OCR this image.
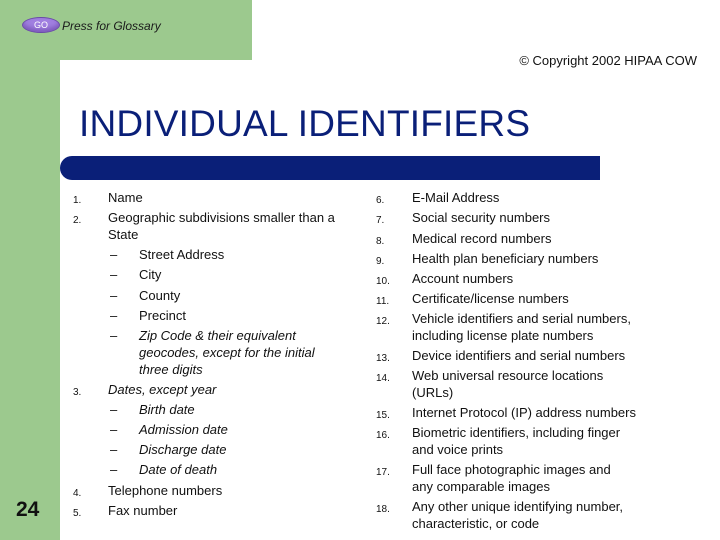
GO	Press for Glossary
© Copyright 2002 HIPAA COW
INDIVIDUAL IDENTIFIERS
24
1. Name
2. Geographic subdivisions smaller than a
State
– Street Address
– City
– County
– Precinct
– Zip Code & their equivalent
geocodes, except for the initial
three digits
3. Dates, except year
– Birth date
– Admission date
– Discharge date
– Date of death
4. Telephone numbers
5. Fax number
6. E-Mail Address
7. Social security numbers
8. Medical record numbers
9. Health plan beneficiary numbers
10. Account numbers
11. Certificate/license numbers
12. Vehicle identifiers and serial numbers,
including license plate numbers
13. Device identifiers and serial numbers
14. Web universal resource locations
(URLs)
15. Internet Protocol (IP) address numbers
16. Biometric identifiers, including finger
and voice prints
17. Full face photographic images and
any comparable images
18. Any other unique identifying number,
characteristic, or code
